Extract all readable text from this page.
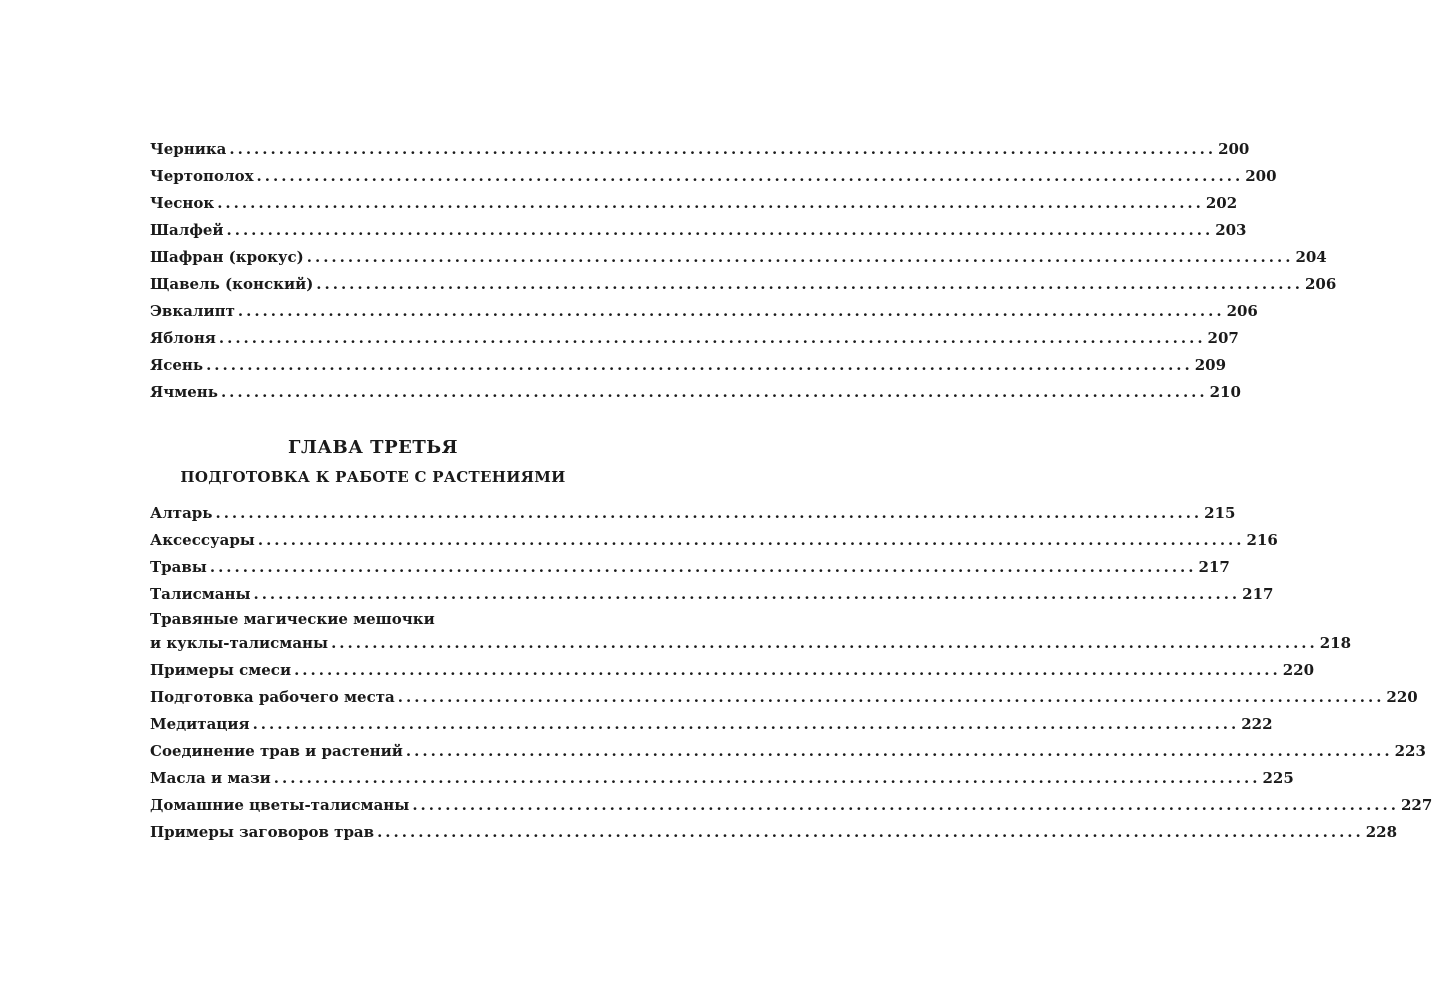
Черника ........................................................................................................................ 200
Чертополох ........................................................................................................................ 200
Чеснок ........................................................................................................................ 202
Шалфей ........................................................................................................................ 203
Шафран (крокус) ........................................................................................................................ 204
Щавель (конский) ........................................................................................................................ 206
Эвкалипт ........................................................................................................................ 206
Яблоня ........................................................................................................................ 207
Ясень ........................................................................................................................ 209
Ячмень ........................................................................................................................ 210
ГЛАВА ТРЕТЬЯ
ПОДГОТОВКА К РАБОТЕ С РАСТЕНИЯМИ
Алтарь ........................................................................................................................ 215
Аксессуары ........................................................................................................................ 216
Травы ........................................................................................................................ 217
Талисманы ........................................................................................................................ 217
Травяные магические мешочки
и куклы-талисманы ........................................................................................................................ 218
Примеры смеси ........................................................................................................................ 220
Подготовка рабочего места ........................................................................................................................ 220
Медитация ........................................................................................................................ 222
Соединение трав и растений ........................................................................................................................ 223
Масла и мази ........................................................................................................................ 225
Домашние цветы-талисманы ........................................................................................................................ 227
Примеры заговоров трав ........................................................................................................................ 228
